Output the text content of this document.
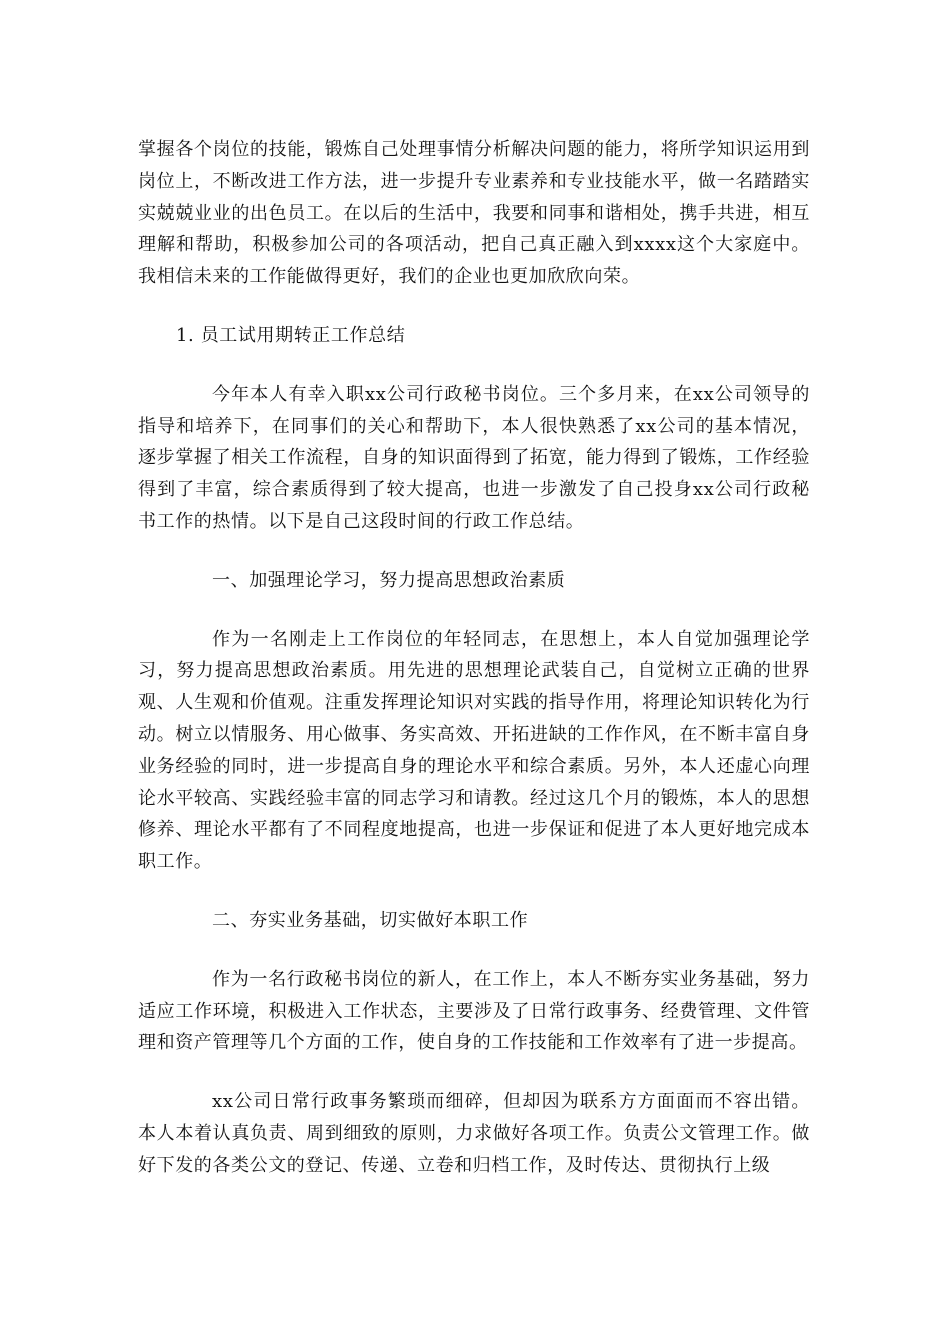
掌握各个岗位的技能，锻炼自己处理事情分析解决问题的能力，将所学知识运用到岗位上，不断改进工作方法，进一步提升专业素养和专业技能水平，做一名踏踏实实兢兢业业的出色员工。在以后的生活中，我要和同事和谐相处，携手共进，相互理解和帮助，积极参加公司的各项活动，把自己真正融入到xxxx这个大家庭中。我相信未来的工作能做得更好，我们的企业也更加欣欣向荣。

1. 员工试用期转正工作总结

今年本人有幸入职xx公司行政秘书岗位。三个多月来，在xx公司领导的指导和培养下，在同事们的关心和帮助下，本人很快熟悉了xx公司的基本情况，逐步掌握了相关工作流程，自身的知识面得到了拓宽，能力得到了锻炼，工作经验得到了丰富，综合素质得到了较大提高，也进一步激发了自己投身xx公司行政秘书工作的热情。以下是自己这段时间的行政工作总结。

一、加强理论学习，努力提高思想政治素质

作为一名刚走上工作岗位的年轻同志，在思想上，本人自觉加强理论学习，努力提高思想政治素质。用先进的思想理论武装自己，自觉树立正确的世界观、人生观和价值观。注重发挥理论知识对实践的指导作用，将理论知识转化为行动。树立以情服务、用心做事、务实高效、开拓进缺的工作作风，在不断丰富自身业务经验的同时，进一步提高自身的理论水平和综合素质。另外，本人还虚心向理论水平较高、实践经验丰富的同志学习和请教。经过这几个月的锻炼，本人的思想修养、理论水平都有了不同程度地提高，也进一步保证和促进了本人更好地完成本职工作。

二、夯实业务基础，切实做好本职工作

作为一名行政秘书岗位的新人，在工作上，本人不断夯实业务基础，努力适应工作环境，积极进入工作状态，主要涉及了日常行政事务、经费管理、文件管理和资产管理等几个方面的工作，使自身的工作技能和工作效率有了进一步提高。

xx公司日常行政事务繁琐而细碎，但却因为联系方方面面而不容出错。本人本着认真负责、周到细致的原则，力求做好各项工作。负责公文管理工作。做好下发的各类公文的登记、传递、立卷和归档工作，及时传达、贯彻执行上级
